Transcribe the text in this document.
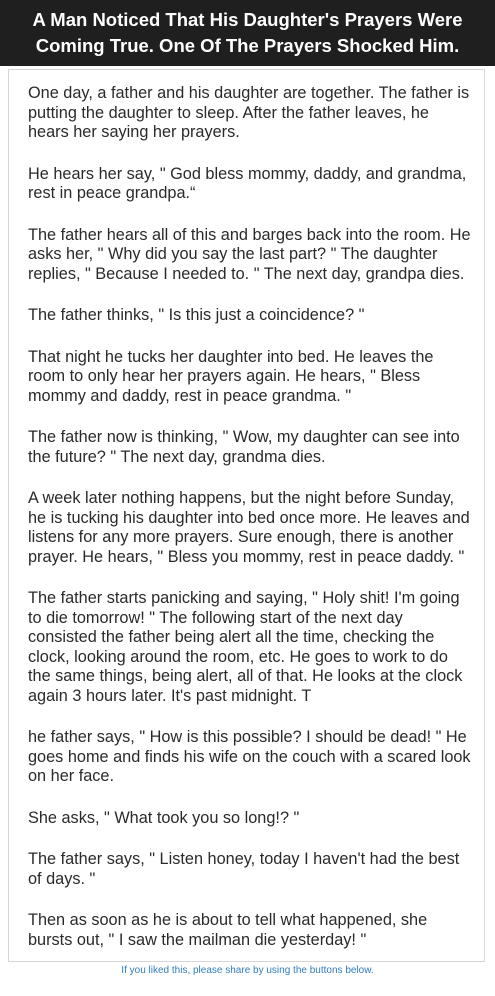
A Man Noticed That His Daughter's Prayers Were Coming True. One Of The Prayers Shocked Him.

One day, a father and his daughter are together. The father is putting the daughter to sleep. After the father leaves, he hears her saying her prayers.

He hears her say, " God bless mommy, daddy, and grandma, rest in peace grandpa.“

The father hears all of this and barges back into the room. He asks her, " Why did you say the last part? " The daughter replies, " Because I needed to. " The next day, grandpa dies.

The father thinks, " Is this just a coincidence? "

That night he tucks her daughter into bed. He leaves the room to only hear her prayers again. He hears, " Bless mommy and daddy, rest in peace grandma. "

The father now is thinking, " Wow, my daughter can see into the future? " The next day, grandma dies.

A week later nothing happens, but the night before Sunday, he is tucking his daughter into bed once more. He leaves and listens for any more prayers. Sure enough, there is another prayer. He hears, " Bless you mommy, rest in peace daddy. "

The father starts panicking and saying, " Holy shit! I'm going to die tomorrow! " The following start of the next day consisted the father being alert all the time, checking the clock, looking around the room, etc. He goes to work to do the same things, being alert, all of that. He looks at the clock again 3 hours later. It's past midnight. T

he father says, " How is this possible? I should be dead! " He goes home and finds his wife on the couch with a scared look on her face.

She asks, " What took you so long!? "

The father says, " Listen honey, today I haven't had the best of days. "

Then as soon as he is about to tell what happened, she bursts out, " I saw the mailman die yesterday! "

If you liked this, please share by using the buttons below.
